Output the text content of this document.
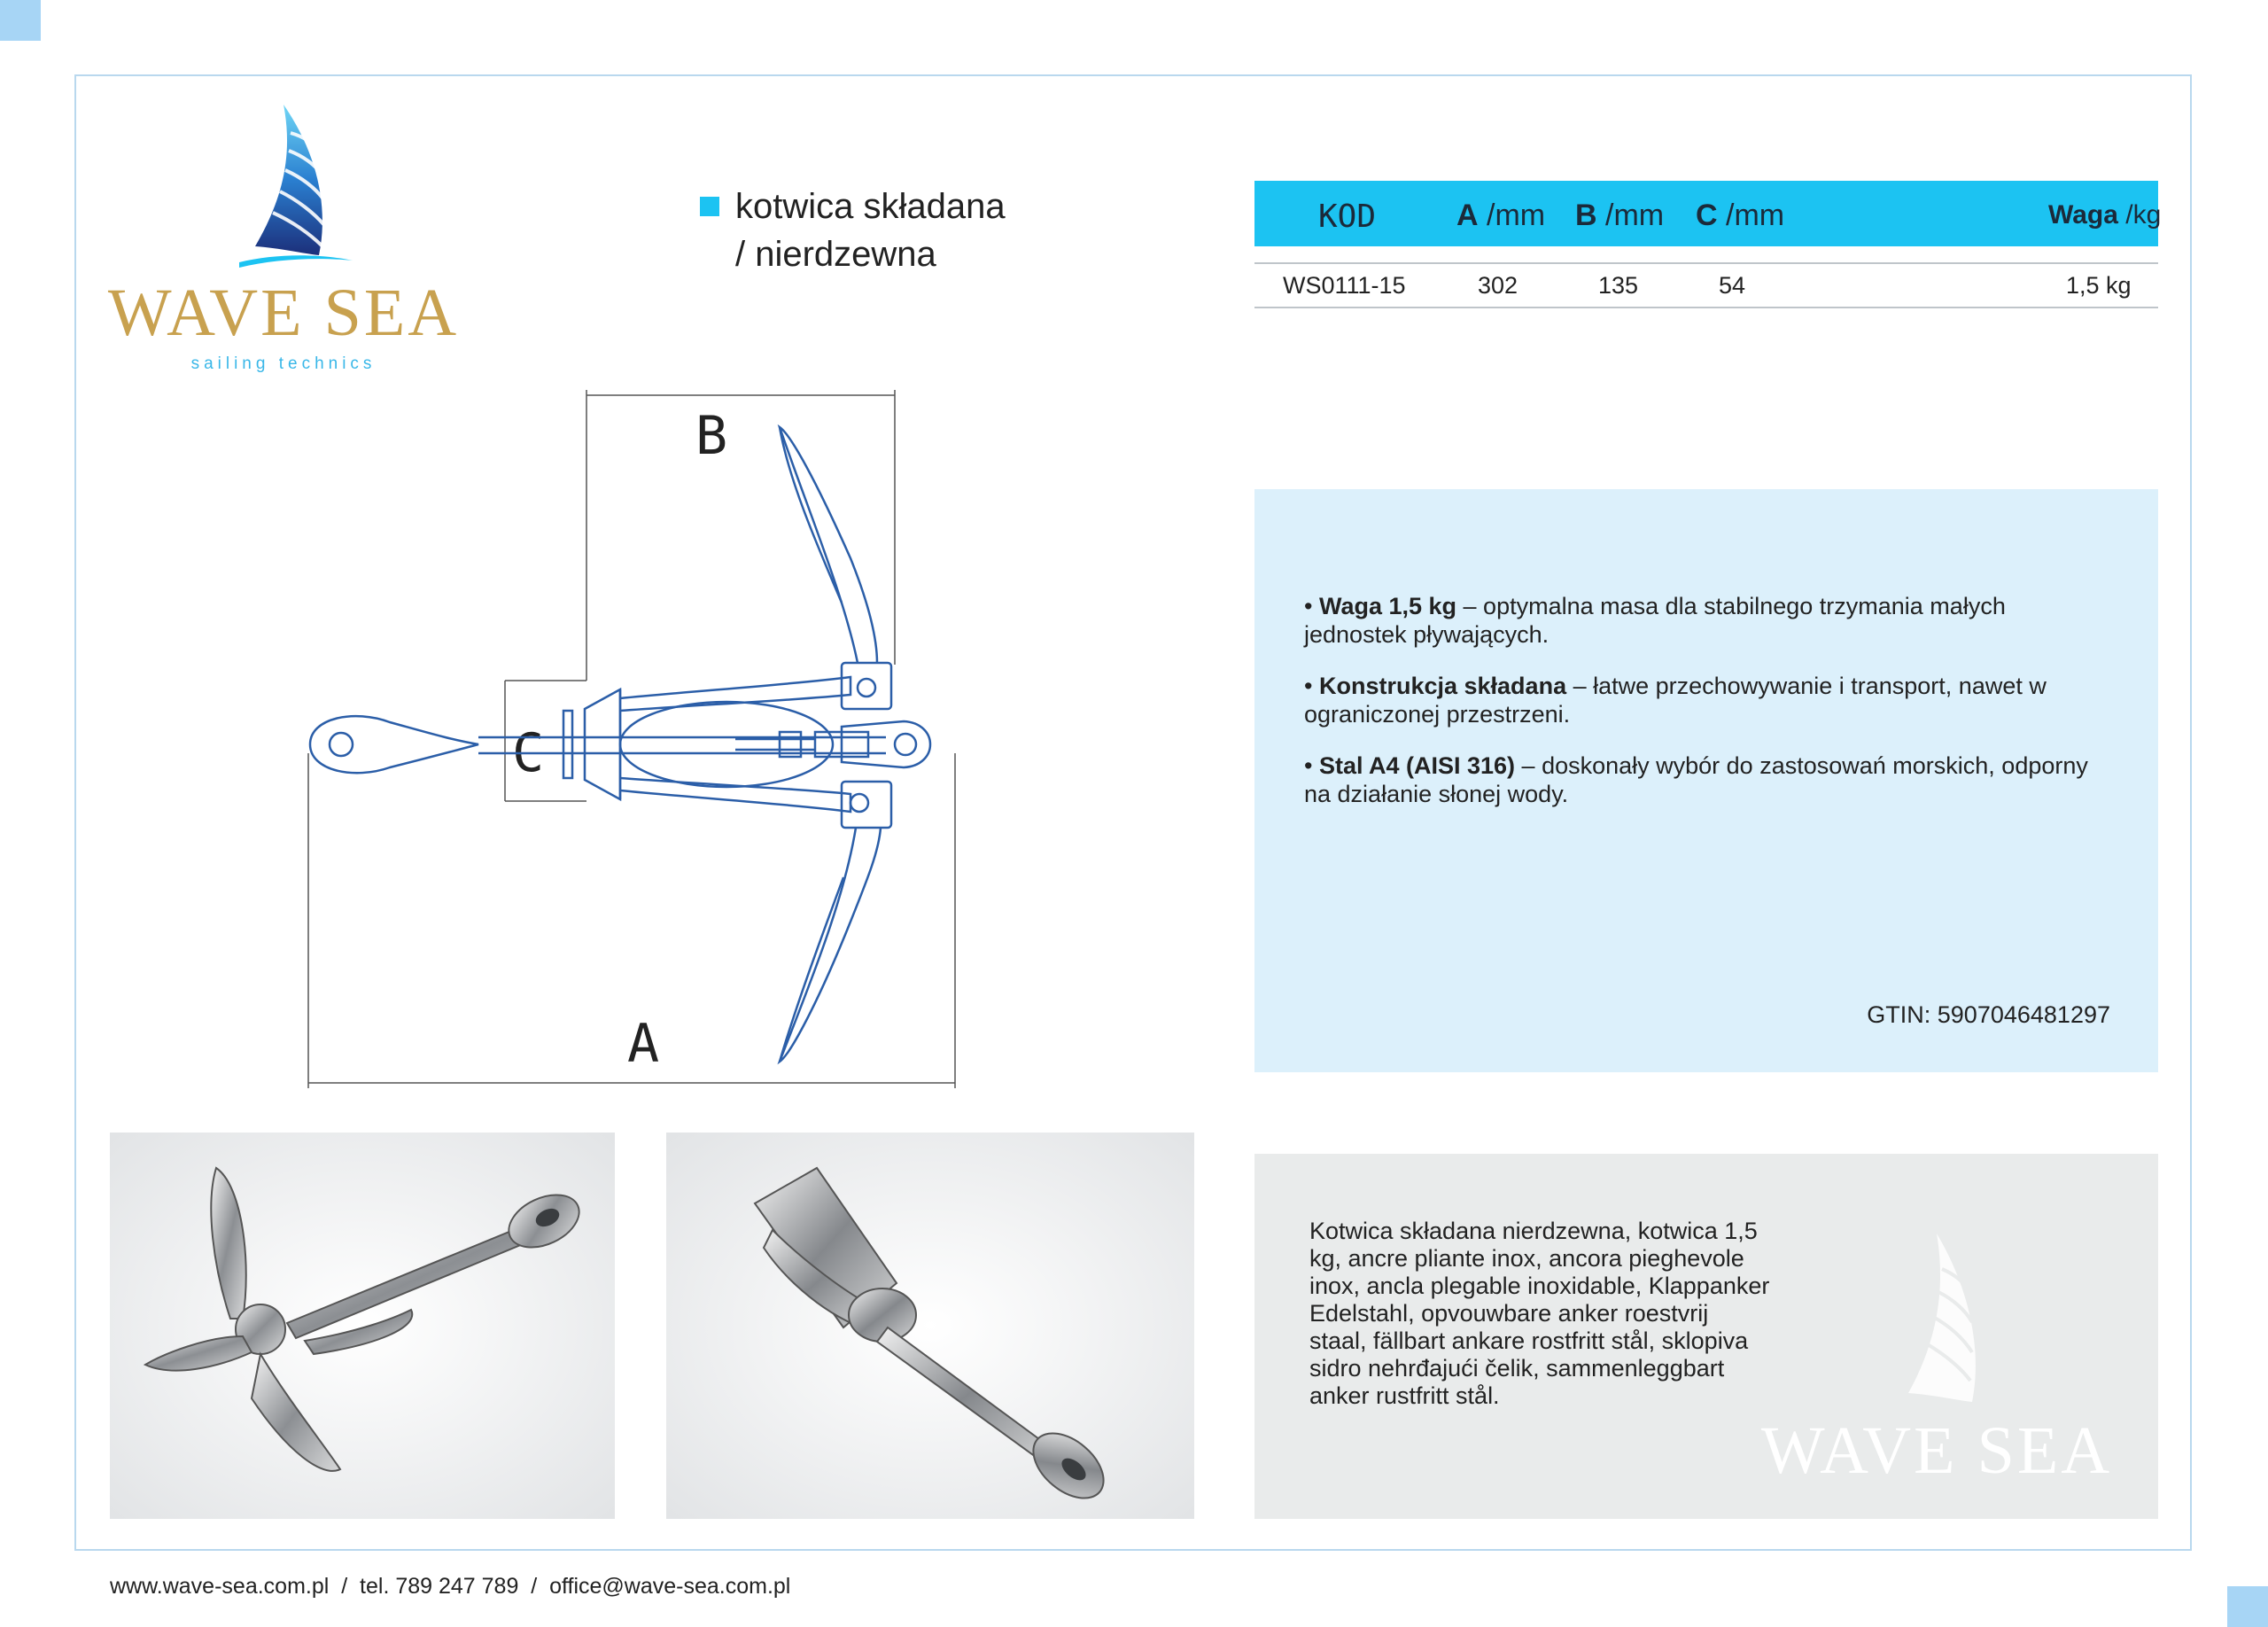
WAVE SEA
sailing technics
kotwica składana
/ nierdzewna
KOD	A /mm B /mm C /mm	Waga /kg
WS0111-15	302	135	54	1,5 kg
• Waga 1,5 kg – optymalna masa dla stabilnego trzymania małych jednostek pływających.
• Konstrukcja składana – łatwe przechowywanie i transport, nawet w ograniczonej przestrzeni.
• Stal A4 (AISI 316) – doskonały wybór do zastosowań morskich, odporny na działanie słonej wody.
GTIN: 5907046481297
B
C
A
Kotwica składana nierdzewna, kotwica 1,5 kg, ancre pliante inox, ancora pieghevole inox, ancla plegable inoxidable, Klappanker Edelstahl, opvouwbare anker roestvrij staal, fällbart ankare rostfritt stål, sklopiva sidro nehrđajući čelik, sammenleggbart anker rustfritt stål.
WAVE SEA
www.wave-sea.com.pl  /  tel. 789 247 789  /  office@wave-sea.com.pl
